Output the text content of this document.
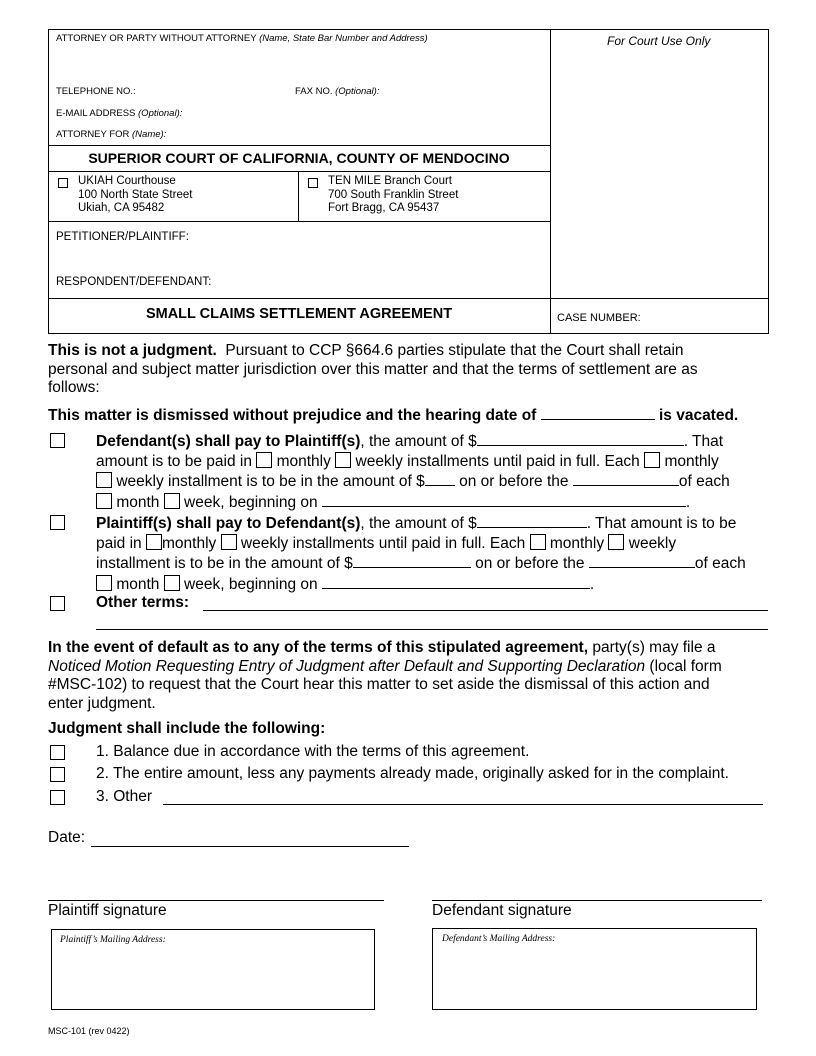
ATTORNEY OR PARTY WITHOUT ATTORNEY (Name, State Bar Number and Address)	For Court Use Only
TELEPHONE NO.:	FAX NO. (Optional):
E-MAIL ADDRESS (Optional):
ATTORNEY FOR (Name):
SUPERIOR COURT OF CALIFORNIA, COUNTY OF MENDOCINO
UKIAH Courthouse
100 North State Street
Ukiah, CA 95482
TEN MILE Branch Court
700 South Franklin Street
Fort Bragg, CA 95437
PETITIONER/PLAINTIFF:
RESPONDENT/DEFENDANT:
SMALL CLAIMS SETTLEMENT AGREEMENT	CASE NUMBER:
This is not a judgment. Pursuant to CCP §664.6 parties stipulate that the Court shall retain
personal and subject matter jurisdiction over this matter and that the terms of settlement are as
follows:
This matter is dismissed without prejudice and the hearing date of	is vacated.
Defendant(s) shall pay to Plaintiff(s), the amount of $	. That
amount is to be paid in monthly weekly installments until paid in full. Each monthly
weekly installment is to be in the amount of $ on or before the	of each
month week, beginning on	.
Plaintiff(s) shall pay to Defendant(s), the amount of $	. That amount is to be
paid in monthly weekly installments until paid in full. Each monthly weekly
installment is to be in the amount of $	on or before the	of each
month week, beginning on	.
Other terms:
In the event of default as to any of the terms of this stipulated agreement, party(s) may file a
Noticed Motion Requesting Entry of Judgment after Default and Supporting Declaration (local form
#MSC-102) to request that the Court hear this matter to set aside the dismissal of this action and
enter judgment.
Judgment shall include the following:
1. Balance due in accordance with the terms of this agreement.
2. The entire amount, less any payments already made, originally asked for in the complaint.
3. Other
Date:
Plaintiff signature	Defendant signature
Plaintiff’s Mailing Address:	Defendant’s Mailing Address:
MSC-101 (rev 0422)
